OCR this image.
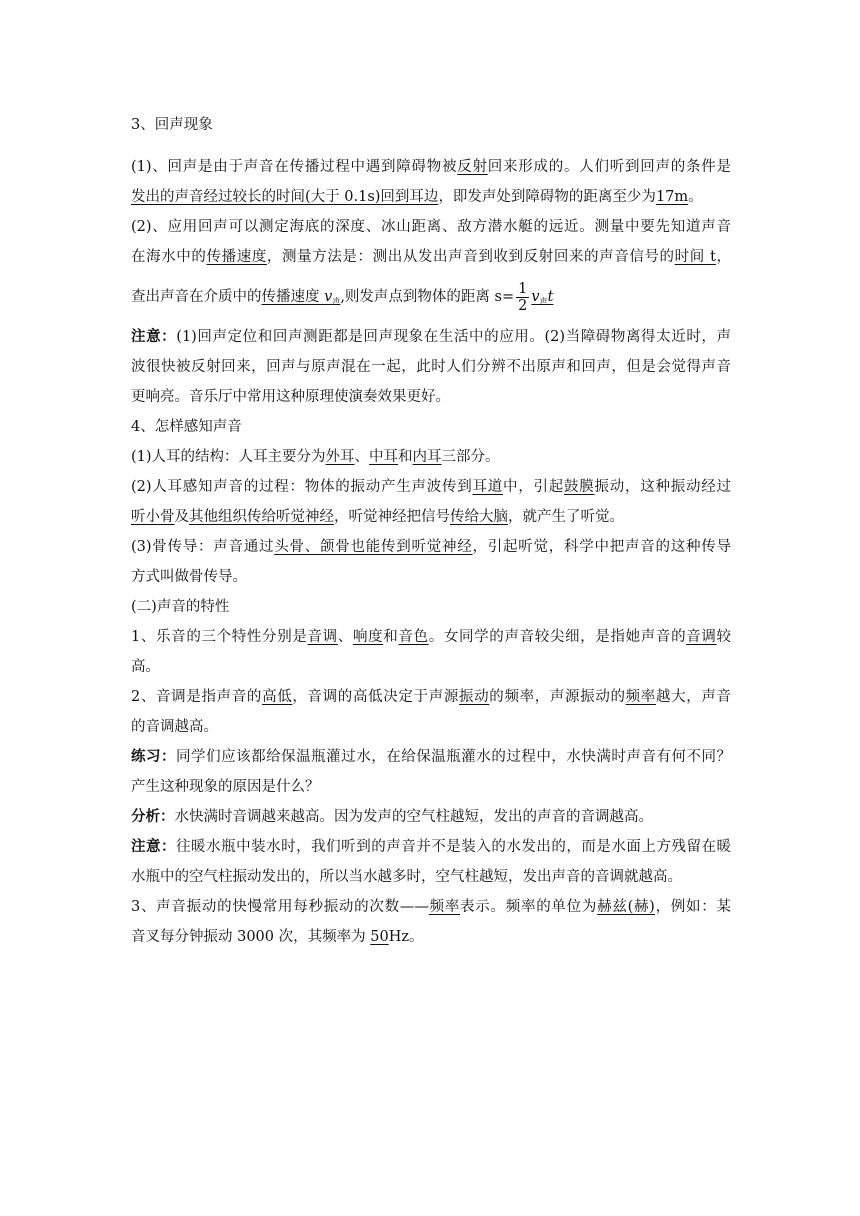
3、回声现象
(1)、回声是由于声音在传播过程中遇到障碍物被反射回来形成的。人们听到回声的条件是
发出的声音经过较长的时间(大于 0.1s)回到耳边，即发声处到障碍物的距离至少为17m。
(2)、应用回声可以测定海底的深度、冰山距离、敌方潜水艇的远近。测量中要先知道声音
在海水中的传播速度，测量方法是：测出从发出声音到收到反射回来的声音信号的时间 t，
查出声音在介质中的传播速度 $v_声$,则发声点到物体的距离 $s= \frac{1}{2} v_声t$
注意：(1)回声定位和回声测距都是回声现象在生活中的应用。(2)当障碍物离得太近时，声
波很快被反射回来，回声与原声混在一起，此时人们分辨不出原声和回声，但是会觉得声音
更响亮。音乐厅中常用这种原理使演奏效果更好。
4、怎样感知声音
(1)人耳的结构：人耳主要分为外耳、中耳和内耳三部分。
(2)人耳感知声音的过程：物体的振动产生声波传到耳道中，引起鼓膜振动，这种振动经过
听小骨及其他组织传给听觉神经，听觉神经把信号传给大脑，就产生了听觉。
(3)骨传导：声音通过头骨、颌骨也能传到听觉神经，引起听觉，科学中把声音的这种传导
方式叫做骨传导。
(二)声音的特性
1、乐音的三个特性分别是音调、响度和音色。女同学的声音较尖细，是指她声音的音调较
高。
2、音调是指声音的高低，音调的高低决定于声源振动的频率，声源振动的频率越大，声音
的音调越高。
练习：同学们应该都给保温瓶灌过水，在给保温瓶灌水的过程中，水快满时声音有何不同？
产生这种现象的原因是什么？
分析：水快满时音调越来越高。因为发声的空气柱越短，发出的声音的音调越高。
注意：往暖水瓶中装水时，我们听到的声音并不是装入的水发出的，而是水面上方残留在暖
水瓶中的空气柱振动发出的，所以当水越多时，空气柱越短，发出声音的音调就越高。
3、声音振动的快慢常用每秒振动的次数——频率表示。频率的单位为赫兹(赫)，例如：某
音叉每分钟振动 3000 次，其频率为 50Hz。
